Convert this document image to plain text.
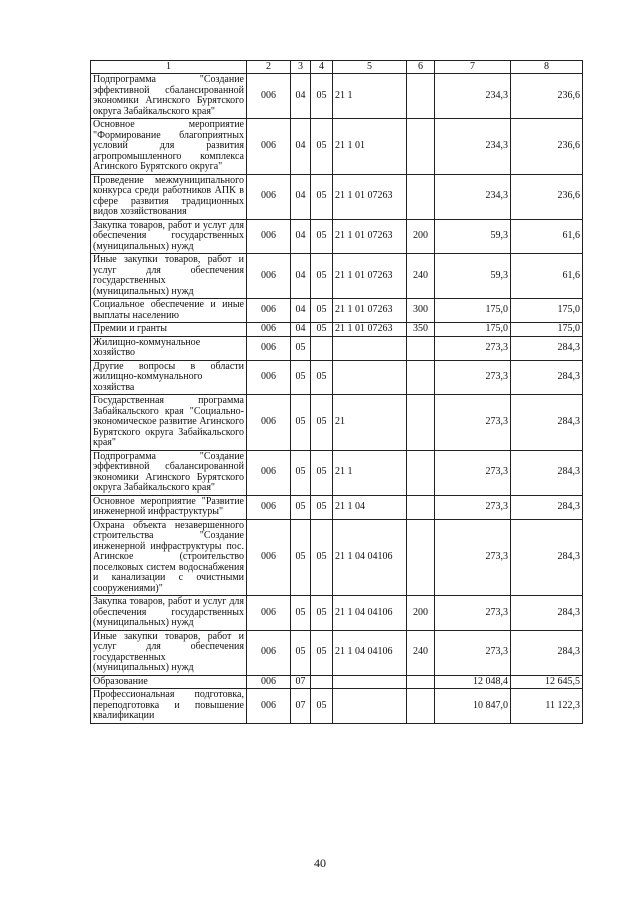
1	2	3	4	5	6	7	8
Подпрограмма "Создание эффективной сбалансированной экономики Агинского Бурятского округа Забайкальского края"	006	04	05	21 1		234,3	236,6
Основное мероприятие "Формирование благоприятных условий для развития агропромышленного комплекса Агинского Бурятского округа"	006	04	05	21 1 01		234,3	236,6
Проведение межмуниципального конкурса среди работников АПК в сфере развития традиционных видов хозяйствования	006	04	05	21 1 01 07263		234,3	236,6
Закупка товаров, работ и услуг для обеспечения государственных (муниципальных) нужд	006	04	05	21 1 01 07263	200	59,3	61,6
Иные закупки товаров, работ и услуг для обеспечения государственных (муниципальных) нужд	006	04	05	21 1 01 07263	240	59,3	61,6
Социальное обеспечение и иные выплаты населению	006	04	05	21 1 01 07263	300	175,0	175,0
Премии и гранты	006	04	05	21 1 01 07263	350	175,0	175,0
Жилищно-коммунальное хозяйство	006	05				273,3	284,3
Другие вопросы в области жилищно-коммунального хозяйства	006	05	05			273,3	284,3
Государственная программа Забайкальского края "Социально-экономическое развитие Агинского Бурятского округа Забайкальского края"	006	05	05	21		273,3	284,3
Подпрограмма "Создание эффективной сбалансированной экономики Агинского Бурятского округа Забайкальского края"	006	05	05	21 1		273,3	284,3
Основное мероприятие "Развитие инженерной инфраструктуры"	006	05	05	21 1 04		273,3	284,3
Охрана объекта незавершенного строительства "Создание инженерной инфраструктуры пос. Агинское (строительство поселковых систем водоснабжения и канализации с очистными сооружениями)"	006	05	05	21 1 04 04106		273,3	284,3
Закупка товаров, работ и услуг для обеспечения государственных (муниципальных) нужд	006	05	05	21 1 04 04106	200	273,3	284,3
Иные закупки товаров, работ и услуг для обеспечения государственных (муниципальных) нужд	006	05	05	21 1 04 04106	240	273,3	284,3
Образование	006	07				12 048,4	12 645,5
Профессиональная подготовка, переподготовка и повышение квалификации	006	07	05			10 847,0	11 122,3
40
